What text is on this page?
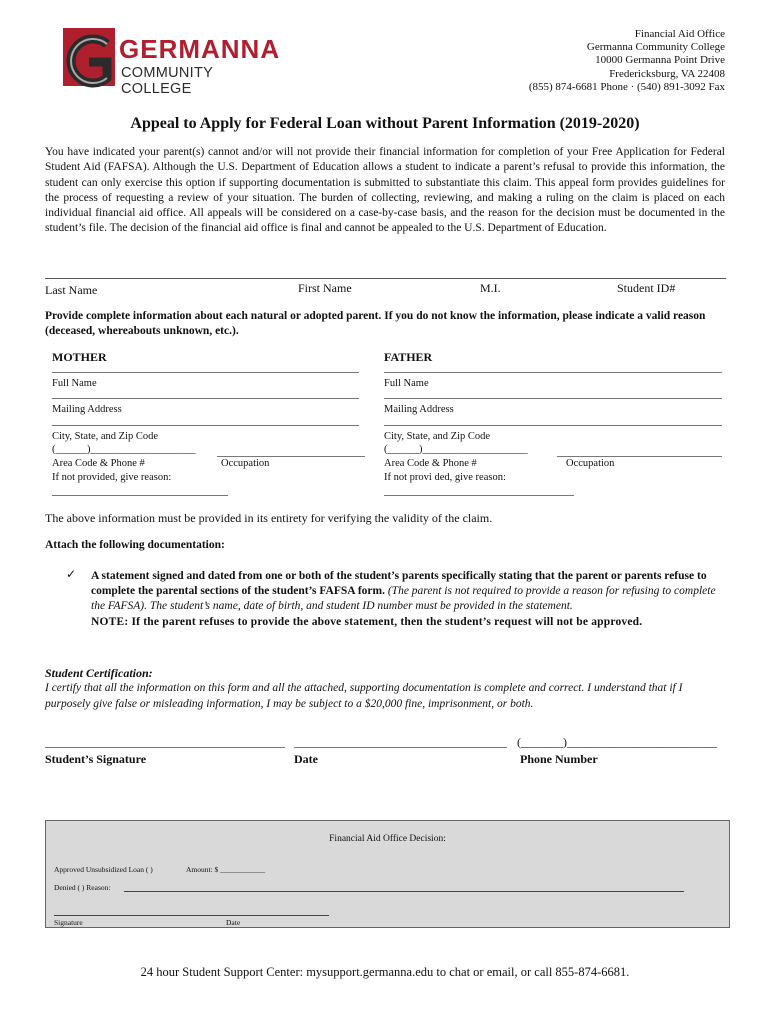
GERMANNA
COMMUNITY COLLEGE
Financial Aid Office
Germanna Community College
10000 Germanna Point Drive
Fredericksburg, VA 22408
(855) 874-6681 Phone · (540) 891-3092 Fax
Appeal to Apply for Federal Loan without Parent Information (2019-2020)
You have indicated your parent(s) cannot and/or will not provide their financial information for completion of your Free Application for Federal Student Aid (FAFSA). Although the U.S. Department of Education allows a student to indicate a parent’s refusal to provide this information, the student can only exercise this option if supporting documentation is submitted to substantiate this claim. This appeal form provides guidelines for the process of requesting a review of your situation. The burden of collecting, reviewing, and making a ruling on the claim is placed on each individual financial aid office. All appeals will be considered on a case-by-case basis, and the reason for the decision must be documented in the student’s file. The decision of the financial aid office is final and cannot be appealed to the U.S. Department of Education.
Last Name	First Name	M.I.	Student ID#
Provide complete information about each natural or adopted parent. If you do not know the information, please indicate a valid reason (deceased, whereabouts unknown, etc.).
MOTHER
Full Name
Mailing Address
City, State, and Zip Code
(______)____________________
Area Code & Phone #	Occupation
If not provided, give reason:
FATHER
Full Name
Mailing Address
City, State, and Zip Code
(______)____________________
Area Code & Phone #	Occupation
If not provi ded, give reason:
The above information must be provided in its entirety for verifying the validity of the claim.
Attach the following documentation:
✓ A statement signed and dated from one or both of the student’s parents specifically stating that the parent or parents refuse to complete the parental sections of the student’s FAFSA form. (The parent is not required to provide a reason for refusing to complete the FAFSA). The student’s name, date of birth, and student ID number must be provided in the statement.
NOTE: If the parent refuses to provide the above statement, then the student’s request will not be approved.
Student Certification:
I certify that all the information on this form and all the attached, supporting documentation is complete and correct. I understand that if I purposely give false or misleading information, I may be subject to a $20,000 fine, imprisonment, or both.
(_______)_________________________
Student’s Signature	Date	Phone Number
Financial Aid Office Decision:
Approved Unsubsidized Loan ( )	Amount: $ ____________
Denied ( ) Reason:
Signature	Date
24 hour Student Support Center: mysupport.germanna.edu to chat or email, or call 855-874-6681.
